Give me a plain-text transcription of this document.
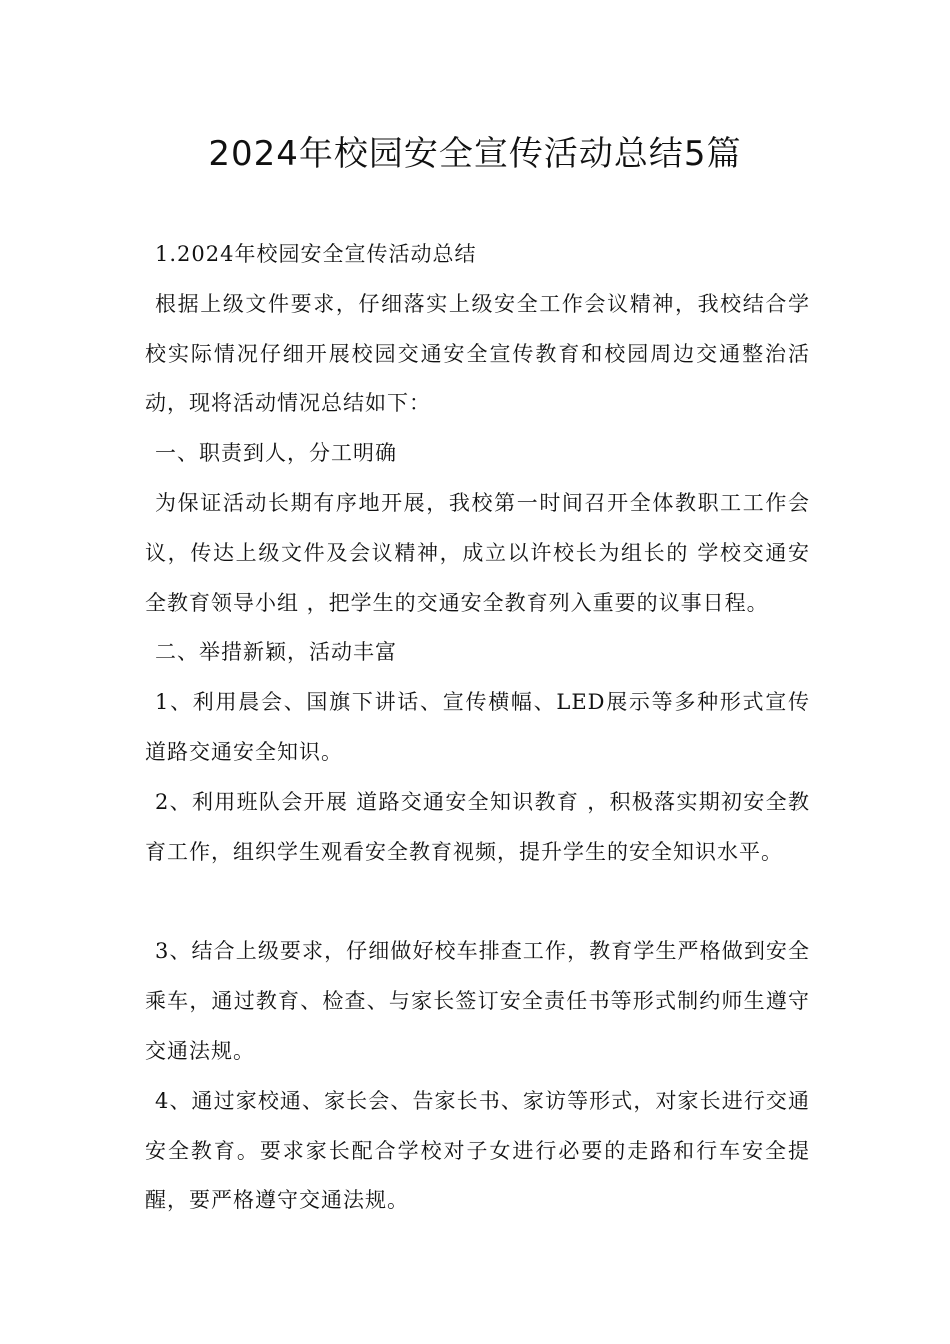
2024年校园安全宣传活动总结5篇

1.2024年校园安全宣传活动总结

根据上级文件要求，仔细落实上级安全工作会议精神，我校结合学校实际情况仔细开展校园交通安全宣传教育和校园周边交通整治活动，现将活动情况总结如下：

一、职责到人，分工明确

为保证活动长期有序地开展，我校第一时间召开全体教职工工作会议，传达上级文件及会议精神，成立以许校长为组长的 学校交通安全教育领导小组 ，把学生的交通安全教育列入重要的议事日程。

二、举措新颖，活动丰富

1、利用晨会、国旗下讲话、宣传横幅、LED展示等多种形式宣传道路交通安全知识。

2、利用班队会开展 道路交通安全知识教育 ，积极落实期初安全教育工作，组织学生观看安全教育视频，提升学生的安全知识水平。

3、结合上级要求，仔细做好校车排查工作，教育学生严格做到安全乘车，通过教育、检查、与家长签订安全责任书等形式制约师生遵守交通法规。

4、通过家校通、家长会、告家长书、家访等形式，对家长进行交通安全教育。要求家长配合学校对子女进行必要的走路和行车安全提醒，要严格遵守交通法规。
